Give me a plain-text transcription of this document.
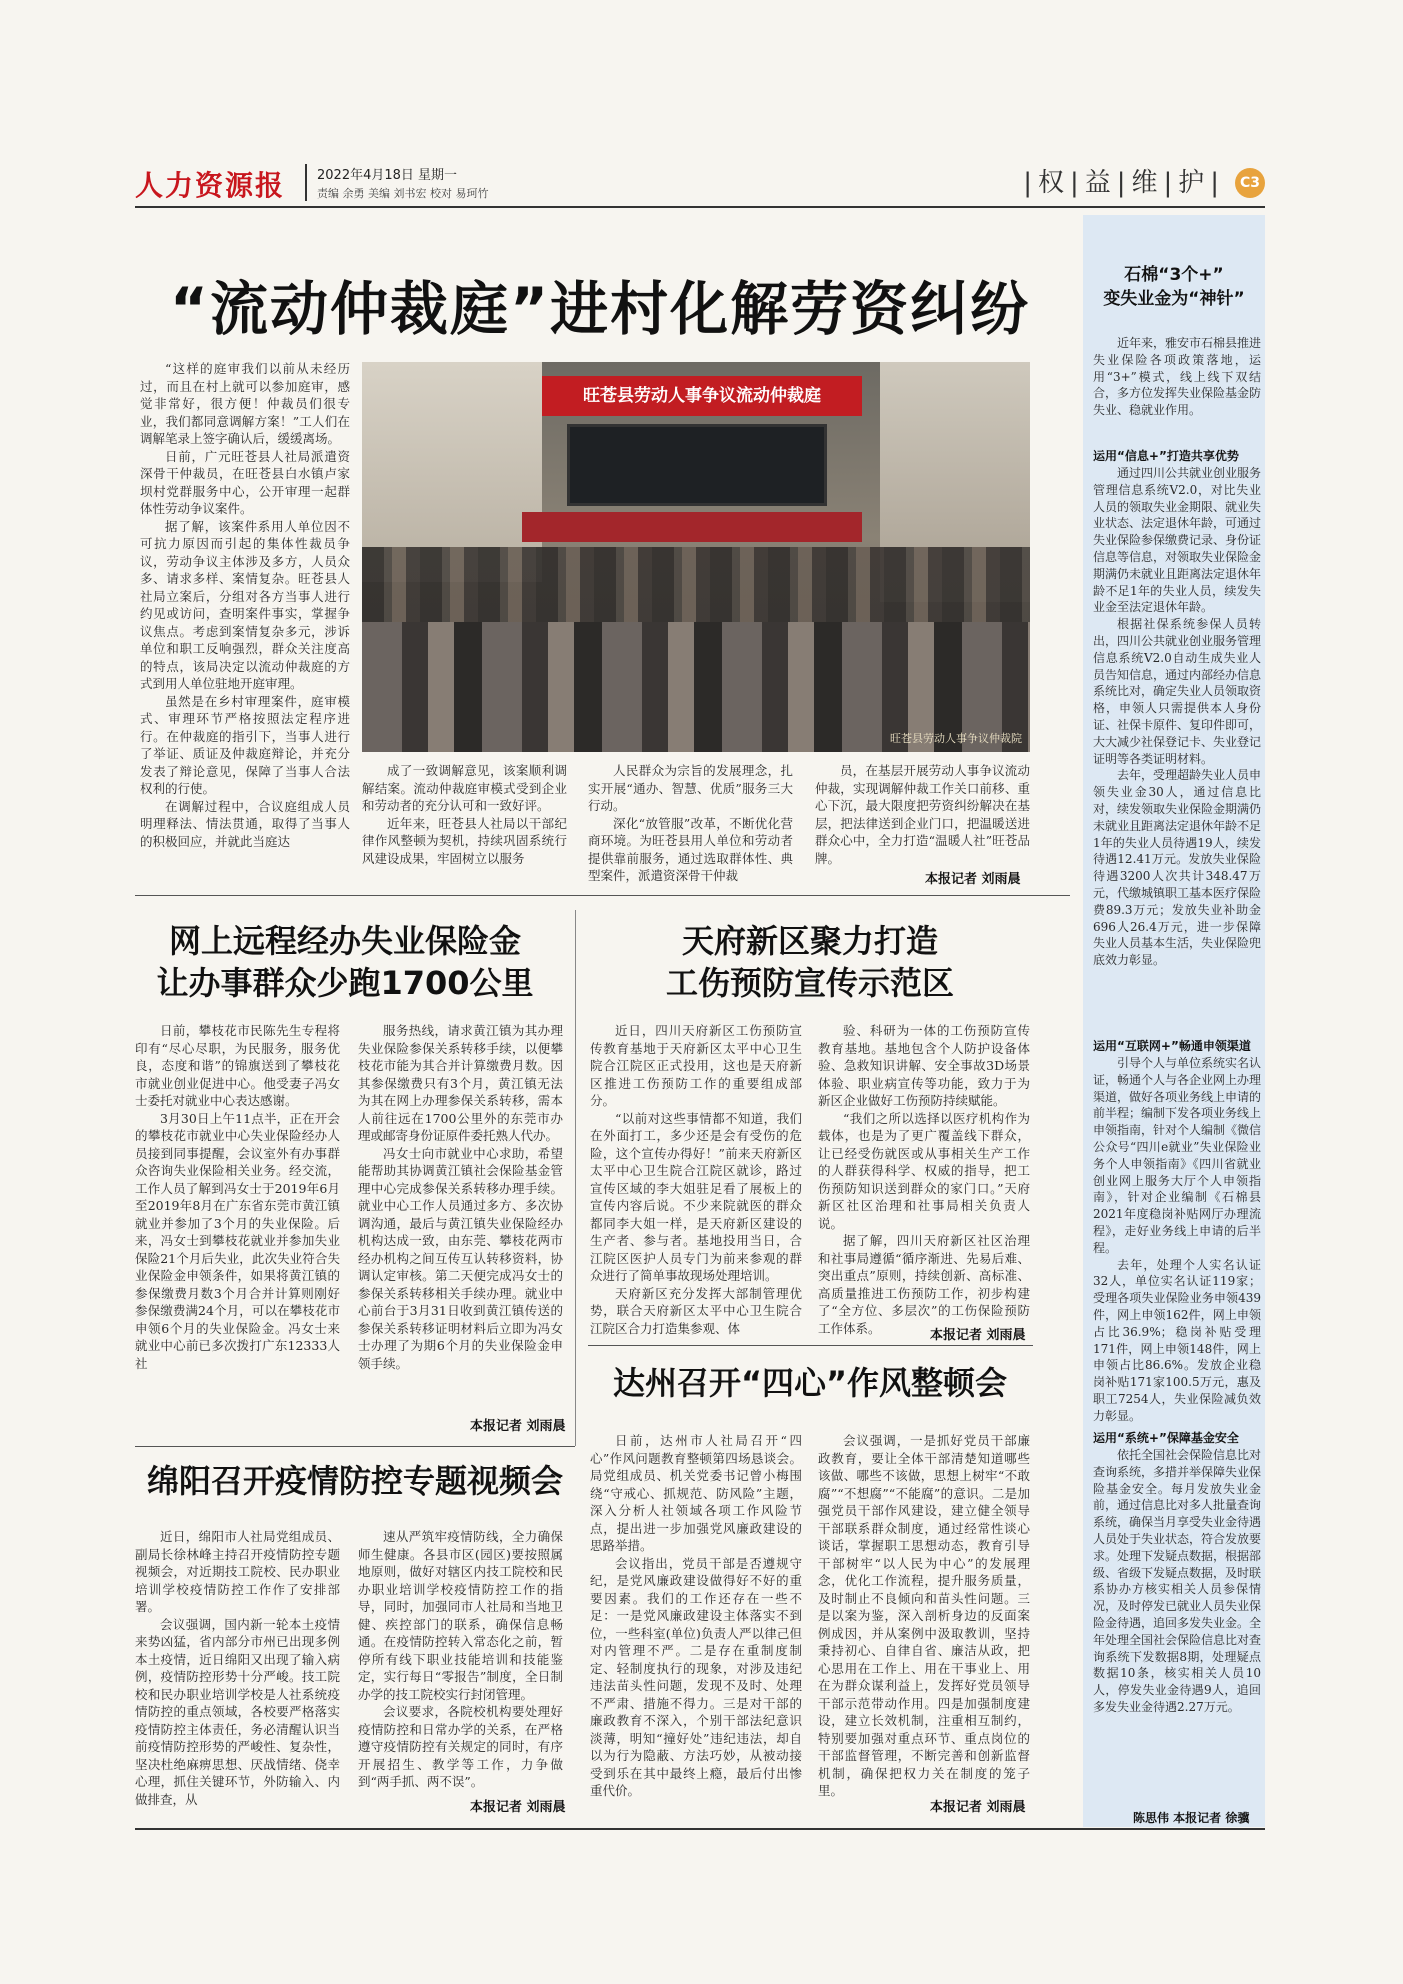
人力资源报 2022年4月18日 星期一
责编 余勇 美编 刘书宏 校对 易珂竹	|权|益|维|护|	C3
“流动仲裁庭”进村化解劳资纠纷

“这样的庭审我们以前从未经历过，而且在村上就可以参加庭审，感觉非常好，很方便！仲裁员们很专业，我们都同意调解方案！”工人们在调解笔录上签字确认后，缓缓离场。

日前，广元旺苍县人社局派遣资深骨干仲裁员，在旺苍县白水镇卢家坝村党群服务中心，公开审理一起群体性劳动争议案件。

据了解，该案件系用人单位因不可抗力原因而引起的集体性裁员争议，劳动争议主体涉及多方，人员众多、请求多样、案情复杂。旺苍县人社局立案后，分组对各方当事人进行约见或访问，查明案件事实，掌握争议焦点。考虑到案情复杂多元，涉诉单位和职工反响强烈，群众关注度高的特点，该局决定以流动仲裁庭的方式到用人单位驻地开庭审理。

虽然是在乡村审理案件，庭审模式、审理环节严格按照法定程序进行。在仲裁庭的指引下，当事人进行了举证、质证及仲裁庭辩论，并充分发表了辩论意见，保障了当事人合法权利的行使。

在调解过程中，合议庭组成人员明理释法、情法贯通，取得了当事人的积极回应，并就此当庭达

旺苍县劳动人事争议流动仲裁庭
旺苍县劳动人事争议仲裁院

成了一致调解意见，该案顺利调解结案。流动仲裁庭审模式受到企业和劳动者的充分认可和一致好评。

近年来，旺苍县人社局以干部纪律作风整顿为契机，持续巩固系统行风建设成果，牢固树立以服务

人民群众为宗旨的发展理念，扎实开展“通办、智慧、优质”服务三大行动。

深化“放管服”改革，不断优化营商环境。为旺苍县用人单位和劳动者提供靠前服务，通过选取群体性、典型案件，派遣资深骨干仲裁

员，在基层开展劳动人事争议流动仲裁，实现调解仲裁工作关口前移、重心下沉，最大限度把劳资纠纷解决在基层，把法律送到企业门口，把温暖送进群众心中，全力打造“温暖人社”旺苍品牌。

本报记者 刘雨晨
网上远程经办失业保险金
让办事群众少跑1700公里

日前，攀枝花市民陈先生专程将印有“尽心尽职，为民服务，服务优良，态度和谐”的锦旗送到了攀枝花市就业创业促进中心。他受妻子冯女士委托对就业中心表达感谢。

3月30日上午11点半，正在开会的攀枝花市就业中心失业保险经办人员接到同事提醒，会议室外有办事群众咨询失业保险相关业务。经交流，工作人员了解到冯女士于2019年6月至2019年8月在广东省东莞市黄江镇就业并参加了3个月的失业保险。后来，冯女士到攀枝花就业并参加失业保险21个月后失业，此次失业符合失业保险金申领条件，如果将黄江镇的参保缴费月数3个月合并计算则刚好参保缴费满24个月，可以在攀枝花市申领6个月的失业保险金。冯女士来就业中心前已多次拨打广东12333人社

服务热线，请求黄江镇为其办理失业保险参保关系转移手续，以便攀枝花市能为其合并计算缴费月数。因其参保缴费只有3个月，黄江镇无法为其在网上办理参保关系转移，需本人前往远在1700公里外的东莞市办理或邮寄身份证原件委托熟人代办。

冯女士向市就业中心求助，希望能帮助其协调黄江镇社会保险基金管理中心完成参保关系转移办理手续。就业中心工作人员通过多方、多次协调沟通，最后与黄江镇失业保险经办机构达成一致，由东莞、攀枝花两市经办机构之间互传互认转移资料，协调认定审核。第二天便完成冯女士的参保关系转移相关手续办理。就业中心前台于3月31日收到黄江镇传送的参保关系转移证明材料后立即为冯女士办理了为期6个月的失业保险金申领手续。

本报记者 刘雨晨
天府新区聚力打造
工伤预防宣传示范区

近日，四川天府新区工伤预防宣传教育基地于天府新区太平中心卫生院合江院区正式投用，这也是天府新区推进工伤预防工作的重要组成部分。

“以前对这些事情都不知道，我们在外面打工，多少还是会有受伤的危险，这个宣传办得好！”前来天府新区太平中心卫生院合江院区就诊，路过宣传区域的李大姐驻足看了展板上的宣传内容后说。不少来院就医的群众都同李大姐一样，是天府新区建设的生产者、参与者。基地投用当日，合江院区医护人员专门为前来参观的群众进行了简单事故现场处理培训。

天府新区充分发挥大部制管理优势，联合天府新区太平中心卫生院合江院区合力打造集参观、体

验、科研为一体的工伤预防宣传教育基地。基地包含个人防护设备体验、急救知识讲解、安全事故3D场景体验、职业病宣传等功能，致力于为新区企业做好工伤预防持续赋能。

“我们之所以选择以医疗机构作为载体，也是为了更广覆盖线下群众，让已经受伤就医或从事相关生产工作的人群获得科学、权威的指导，把工伤预防知识送到群众的家门口。”天府新区社区治理和社事局相关负责人说。

据了解，四川天府新区社区治理和社事局遵循“循序渐进、先易后难、突出重点”原则，持续创新、高标准、高质量推进工伤预防工作，初步构建了“全方位、多层次”的工伤保险预防工作体系。	本报记者 刘雨晨
达州召开“四心”作风整顿会

日前，达州市人社局召开“四心”作风问题教育整顿第四场恳谈会。局党组成员、机关党委书记曾小梅围绕“守戒心、抓规范、防风险”主题，深入分析人社领域各项工作风险节点，提出进一步加强党风廉政建设的思路举措。

会议指出，党员干部是否遵规守纪，是党风廉政建设做得好不好的重要因素。我们的工作还存在一些不足：一是党风廉政建设主体落实不到位，一些科室(单位)负责人严以律己但对内管理不严。二是存在重制度制定、轻制度执行的现象，对涉及违纪违法苗头性问题，发现不及时、处理不严肃、措施不得力。三是对干部的廉政教育不深入，个别干部法纪意识淡薄，明知“撞好处”违纪违法，却自以为行为隐蔽、方法巧妙，从被动接受到乐在其中最终上瘾，最后付出惨重代价。

会议强调，一是抓好党员干部廉政教育，要让全体干部清楚知道哪些该做、哪些不该做，思想上树牢“不敢腐”“不想腐”“不能腐”的意识。二是加强党员干部作风建设，建立健全领导干部联系群众制度，通过经常性谈心谈话，掌握职工思想动态，教育引导干部树牢“以人民为中心”的发展理念，优化工作流程，提升服务质量，及时制止不良倾向和苗头性问题。三是以案为鉴，深入剖析身边的反面案例成因，并从案例中汲取教训，坚持秉持初心、自律自省、廉洁从政，把心思用在工作上、用在干事业上、用在为群众谋利益上，发挥好党员领导干部示范带动作用。四是加强制度建设，建立长效机制，注重相互制约，特别要加强对重点环节、重点岗位的干部监督管理，不断完善和创新监督机制，确保把权力关在制度的笼子里。

本报记者 刘雨晨
绵阳召开疫情防控专题视频会

近日，绵阳市人社局党组成员、副局长徐林峰主持召开疫情防控专题视频会，对近期技工院校、民办职业培训学校疫情防控工作作了安排部署。

会议强调，国内新一轮本土疫情来势凶猛，省内部分市州已出现多例本土疫情，近日绵阳又出现了输入病例，疫情防控形势十分严峻。技工院校和民办职业培训学校是人社系统疫情防控的重点领域，各校要严格落实疫情防控主体责任，务必清醒认识当前疫情防控形势的严峻性、复杂性，坚决杜绝麻痹思想、厌战情绪、侥幸心理，抓住关键环节，外防输入、内做排查，从

速从严筑牢疫情防线，全力确保师生健康。各县市区(园区)要按照属地原则，做好对辖区内技工院校和民办职业培训学校疫情防控工作的指导，同时，加强同市人社局和当地卫健、疾控部门的联系，确保信息畅通。在疫情防控转入常态化之前，暂停所有线下职业技能培训和技能鉴定，实行每日“零报告”制度，全日制办学的技工院校实行封闭管理。

会议要求，各院校机构要处理好疫情防控和日常办学的关系，在严格遵守疫情防控有关规定的同时，有序开展招生、教学等工作，力争做到“两手抓、两不误”。

本报记者 刘雨晨
石棉“3个+”
变失业金为“神针”

近年来，雅安市石棉县推进失业保险各项政策落地，运用“3+”模式，线上线下双结合，多方位发挥失业保险基金防失业、稳就业作用。

运用“信息+”打造共享优势

通过四川公共就业创业服务管理信息系统V2.0，对比失业人员的领取失业金期限、就业失业状态、法定退休年龄，可通过失业保险参保缴费记录、身份证信息等信息，对领取失业保险金期满仍未就业且距离法定退休年龄不足1年的失业人员，续发失业金至法定退休年龄。

根据社保系统参保人员转出，四川公共就业创业服务管理信息系统V2.0自动生成失业人员告知信息，通过内部经办信息系统比对，确定失业人员领取资格，申领人只需提供本人身份证、社保卡原件、复印件即可，大大减少社保登记卡、失业登记证明等各类证明材料。

去年，受理超龄失业人员申领失业金30人，通过信息比对，续发领取失业保险金期满仍未就业且距离法定退休年龄不足1年的失业人员待遇19人，续发待遇12.41万元。发放失业保险待遇3200人次共计348.47万元，代缴城镇职工基本医疗保险费89.3万元；发放失业补助金696人26.4万元，进一步保障失业人员基本生活，失业保险兜底效力彰显。

运用“互联网+”畅通申领渠道

引导个人与单位系统实名认证，畅通个人与各企业网上办理渠道，做好各项业务线上申请的前半程；编制下发各项业务线上申领指南，针对个人编制《微信公众号“四川e就业”失业保险业务个人申领指南》《四川省就业创业网上服务大厅个人申领指南》，针对企业编制《石棉县2021年度稳岗补贴网厅办理流程》，走好业务线上申请的后半程。

去年，处理个人实名认证32人，单位实名认证119家；受理各项失业保险业务申领439件，网上申领162件，网上申领占比36.9%；稳岗补贴受理171件，网上申领148件，网上申领占比86.6%。发放企业稳岗补贴171家100.5万元，惠及职工7254人，失业保险减负效力彰显。

运用“系统+”保障基金安全

依托全国社会保险信息比对查询系统，多措并举保障失业保险基金安全。每月发放失业金前，通过信息比对多人批量查询系统，确保当月享受失业金待遇人员处于失业状态，符合发放要求。处理下发疑点数据，根据部级、省级下发疑点数据，及时联系协办方核实相关人员参保情况，及时停发已就业人员失业保险金待遇，追回多发失业金。全年处理全国社会保险信息比对查询系统下发数据8期，处理疑点数据10条，核实相关人员10人，停发失业金待遇9人，追回多发失业金待遇2.27万元。

陈思伟 本报记者 徐骥
